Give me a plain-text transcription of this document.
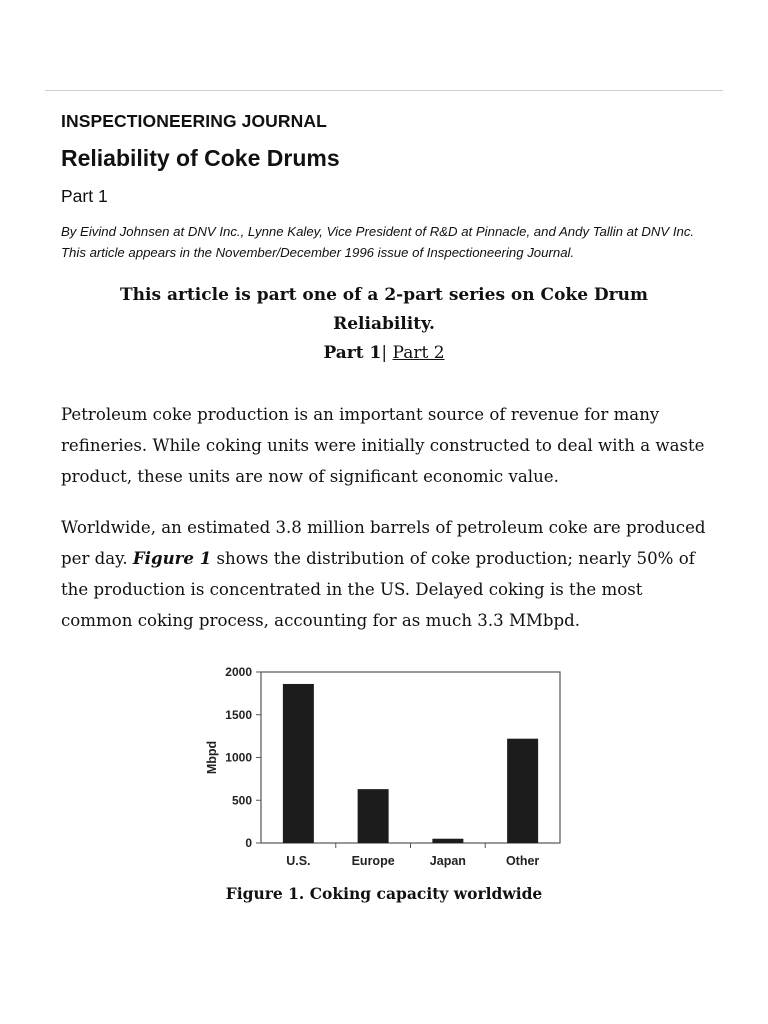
INSPECTIONEERING JOURNAL
Reliability of Coke Drums
Part 1
By Eivind Johnsen at DNV Inc., Lynne Kaley, Vice President of R&D at Pinnacle, and Andy Tallin at DNV Inc. This article appears in the November/December 1996 issue of Inspectioneering Journal.
This article is part one of a 2-part series on Coke Drum Reliability.
Part 1| Part 2

Petroleum coke production is an important source of revenue for many refineries. While coking units were initially constructed to deal with a waste product, these units are now of significant economic value.

Worldwide, an estimated 3.8 million barrels of petroleum coke are produced per day. Figure 1 shows the distribution of coke production; nearly 50% of the production is concentrated in the US. Delayed coking is the most common coking process, accounting for as much 3.3 MMbpd.

0
500
1000
1500
2000
Mbpd
U.S.	Europe	Japan	Other
Figure 1. Coking capacity worldwide
